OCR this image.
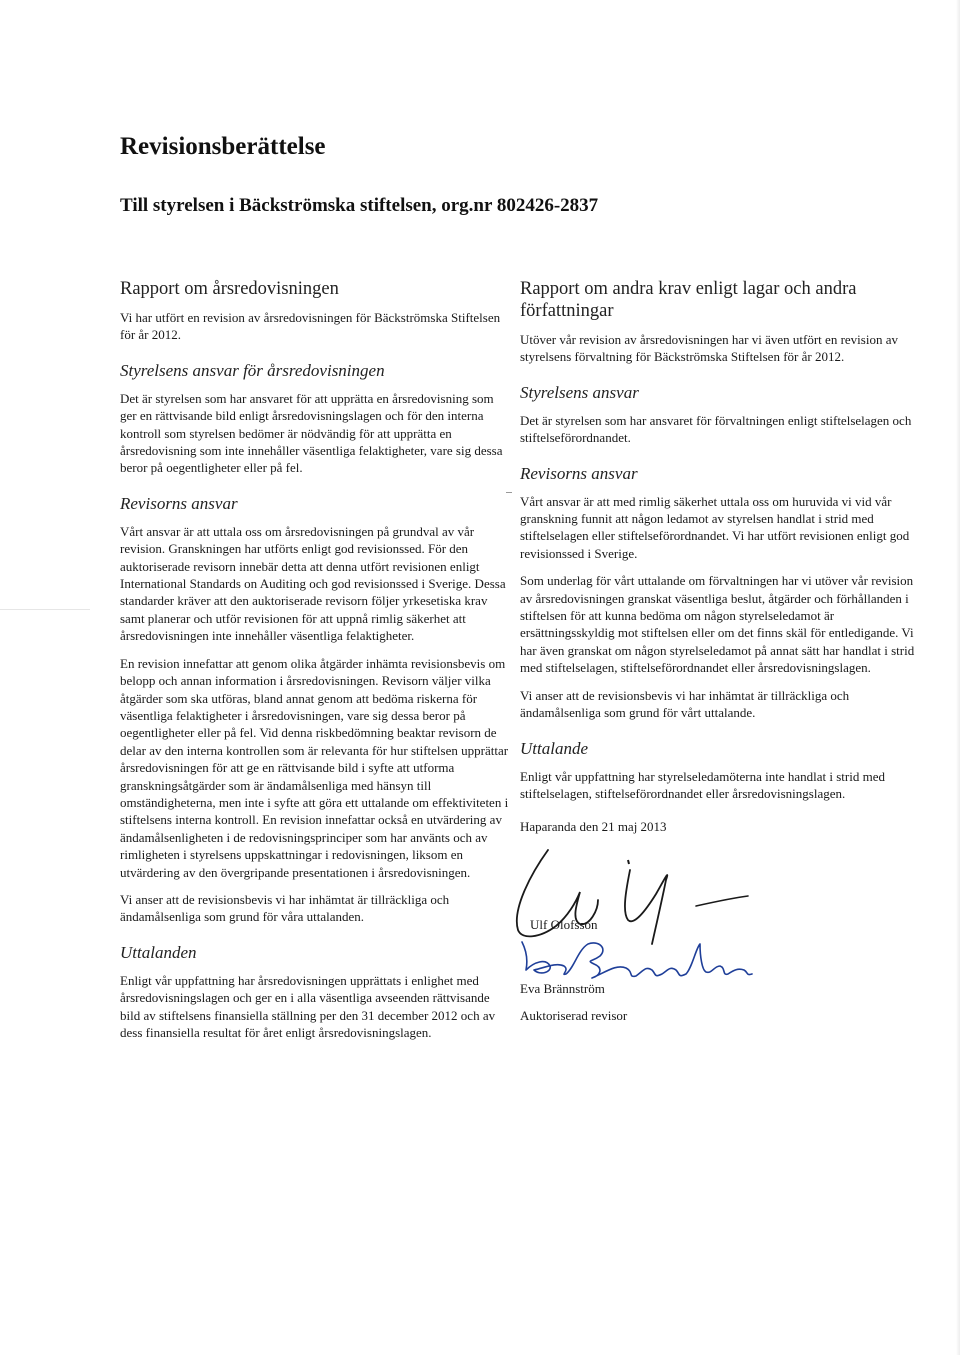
Revisionsberättelse
Till styrelsen i Bäckströmska stiftelsen, org.nr 802426-2837
Rapport om årsredovisningen

Vi har utfört en revision av årsredovisningen för Bäckströmska Stiftelsen för år 2012.

Styrelsens ansvar för årsredovisningen

Det är styrelsen som har ansvaret för att upprätta en årsredovisning som ger en rättvisande bild enligt årsredovisningslagen och för den interna kontroll som styrelsen bedömer är nödvändig för att upprätta en årsredovisning som inte innehåller väsentliga felaktigheter, vare sig dessa beror på oegentligheter eller på fel.

Revisorns ansvar

Vårt ansvar är att uttala oss om årsredovisningen på grundval av vår revision. Granskningen har utförts enligt god revisionssed. För den auktoriserade revisorn innebär detta att denna utfört revisionen enligt International Standards on Auditing och god revisionssed i Sverige. Dessa standarder kräver att den auktoriserade revisorn följer yrkesetiska krav samt planerar och utför revisionen för att uppnå rimlig säkerhet att årsredovisningen inte innehåller väsentliga felaktigheter.

En revision innefattar att genom olika åtgärder inhämta revisionsbevis om belopp och annan information i årsredovisningen. Revisorn väljer vilka åtgärder som ska utföras, bland annat genom att bedöma riskerna för väsentliga felaktigheter i årsredovisningen, vare sig dessa beror på oegentligheter eller på fel. Vid denna riskbedömning beaktar revisorn de delar av den interna kontrollen som är relevanta för hur stiftelsen upprättar årsredovisningen för att ge en rättvisande bild i syfte att utforma granskningsåtgärder som är ändamålsenliga med hänsyn till omständigheterna, men inte i syfte att göra ett uttalande om effektiviteten i stiftelsens interna kontroll. En revision innefattar också en utvärdering av ändamålsenligheten i de redovisningsprinciper som har använts och av rimligheten i styrelsens uppskattningar i redovisningen, liksom en utvärdering av den övergripande presentationen i årsredovisningen.

Vi anser att de revisionsbevis vi har inhämtat är tillräckliga och ändamålsenliga som grund för våra uttalanden.

Uttalanden

Enligt vår uppfattning har årsredovisningen upprättats i enlighet med årsredovisningslagen och ger en i alla väsentliga avseenden rättvisande bild av stiftelsens finansiella ställning per den 31 december 2012 och av dess finansiella resultat för året enligt årsredovisningslagen.

Rapport om andra krav enligt lagar och andra författningar

Utöver vår revision av årsredovisningen har vi även utfört en revision av styrelsens förvaltning för Bäckströmska Stiftelsen för år 2012.

Styrelsens ansvar

Det är styrelsen som har ansvaret för förvaltningen enligt stiftelselagen och stiftelseförordnandet.

Revisorns ansvar

Vårt ansvar är att med rimlig säkerhet uttala oss om huruvida vi vid vår granskning funnit att någon ledamot av styrelsen handlat i strid med stiftelselagen eller stiftelseförordnandet. Vi har utfört revisionen enligt god revisionssed i Sverige.

Som underlag för vårt uttalande om förvaltningen har vi utöver vår revision av årsredovisningen granskat väsentliga beslut, åtgärder och förhållanden i stiftelsen för att kunna bedöma om någon styrelseledamot är ersättningsskyldig mot stiftelsen eller om det finns skäl för entledigande. Vi har även granskat om någon styrelseledamot på annat sätt har handlat i strid med stiftelselagen, stiftelseförordnandet eller årsredovisningslagen.

Vi anser att de revisionsbevis vi har inhämtat är tillräckliga och ändamålsenliga som grund för vårt uttalande.

Uttalande

Enligt vår uppfattning har styrelseledamöterna inte handlat i strid med stiftelselagen, stiftelseförordnandet eller årsredovisningslagen.

Haparanda den 21 maj 2013

Ulf Olofsson

Eva Brännström

Auktoriserad revisor
